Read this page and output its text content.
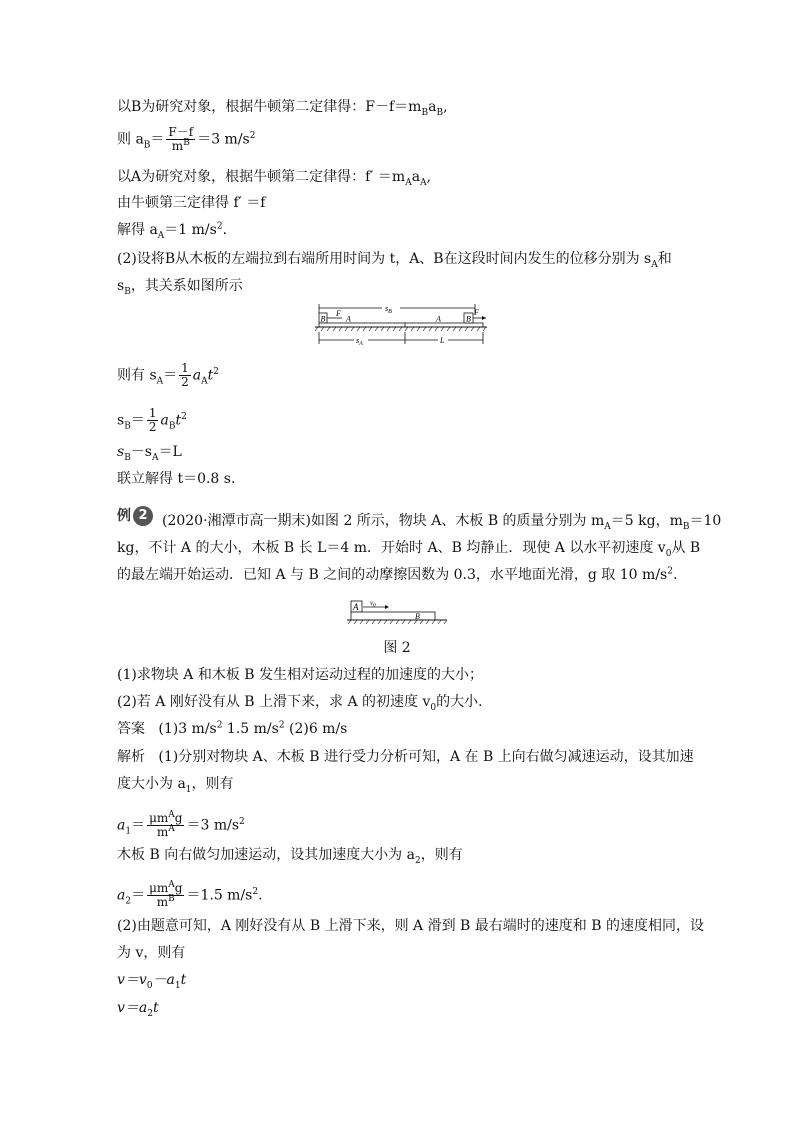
以B为研究对象，根据牛顿第二定律得：$F-f=m_Ba_B$,
则 $a_B= \frac{F-f}{m^B} =3$ $m/s^2$
以A为研究对象，根据牛顿第二定律得：$f' =m_Aa_A$,
由牛顿第三定律得 f′ ＝f
解得 $a_A=1$ $m/s^2$.
(2)设将B从木板的左端拉到右端所用时间为 t，A、B在这段时间内发生的位移分别为 $s_A$和
$s_B$，其关系如图所示
$s_B$
B
F
A	A	B
F
$s_A$	L
则有 $s_A= \frac{1}{2} a_At^2$
$s_B= \frac{1}{2} a_Bt^2$
$s_B-s_A=L$
联立解得 t＝0.8 s.
例 2	(2020·湘潭市高一期末)如图 2 所示，物块 A、木板 B 的质量分别为 $m_A=5$ kg，$m_B=10$
kg，不计 A 的大小，木板 B 长 L＝4 m．开始时 A、B 均静止．现使 A 以水平初速度 $v_0$从 B
的最左端开始运动．已知 A 与 B 之间的动摩擦因数为 0.3，水平地面光滑，g 取 10 $m/s^2$.
A $v_0$
B
图 2
(1)求物块 A 和木板 B 发生相对运动过程的加速度的大小；
(2)若 A 刚好没有从 B 上滑下来，求 A 的初速度 $v_0$的大小．
答案 (1)3 $m/s^2$ 1.5 $m/s^2$ (2)6 m/s
解析 (1)分别对物块 A、木板 B 进行受力分析可知，A 在 B 上向右做匀减速运动，设其加速
度大小为 $a_1$，则有
$a_1= \frac{\mu m^Ag}{m^A} =3$ $m/s^2$
木板 B 向右做匀加速运动，设其加速度大小为 $a_2$，则有
$a_2= \frac{\mu m^Ag}{m^B} =1.5$ $m/s^2$.
(2)由题意可知，A 刚好没有从 B 上滑下来，则 A 滑到 B 最右端时的速度和 B 的速度相同，设
为 v，则有
$v=v_0-a_1t$
$v=a_2t$
